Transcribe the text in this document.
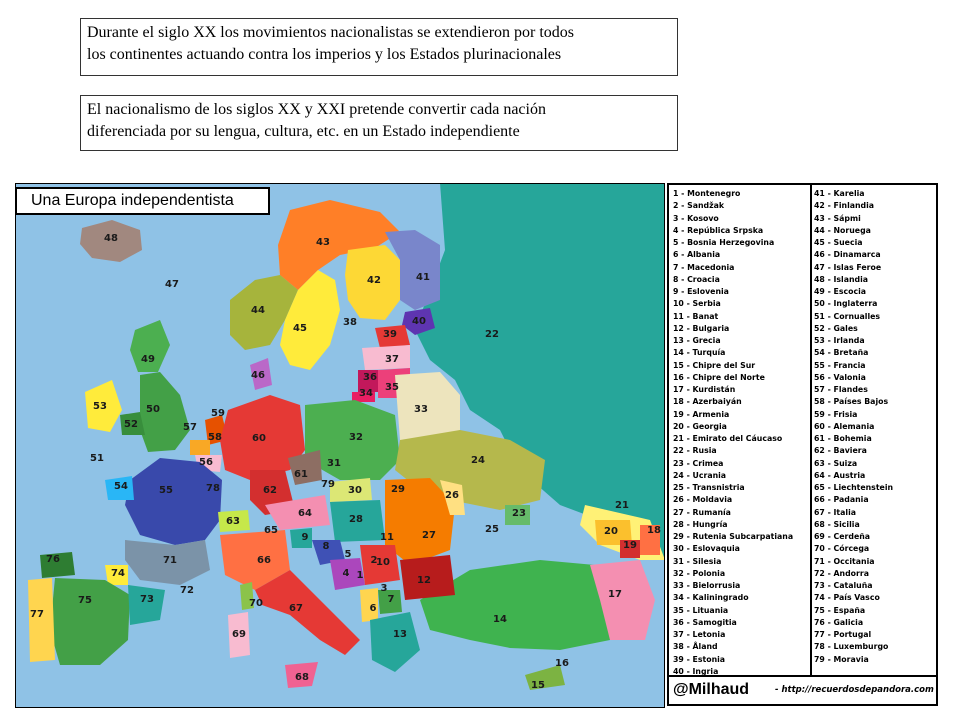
Durante el siglo XX los movimientos nacionalistas se extendieron por todos
los continentes actuando contra los imperios y los Estados plurinacionales
El nacionalismo de los siglos XX y XXI pretende convertir cada nación
diferenciada por su lengua, cultura, etc. en un Estado independiente
1
2
3
4
5
6
7
8
9
10
11
12
13
14
15
16
17
18
19
20
21
22
23
24
25
26
27
28
29
30
31
32
33
34
35
36
37
38
39
40
41
42
43
44
45
46
47
48
49
50
51
52
53
54	55
56
57
58
59
60
61
62
63
64
65
66
67
68
69
70
71
72
73
74
75
76
77
78	79
Una Europa independentista	1 - Montenegro
2 - Sandžak
3 - Kosovo
4 - República Srpska
5 - Bosnia Herzegovina
6 - Albania
7 - Macedonia
8 - Croacia
9 - Eslovenia
10 - Serbia
11 - Banat
12 - Bulgaria
13 - Grecia
14 - Turquía
15 - Chipre del Sur
16 - Chipre del Norte
17 - Kurdistán
18 - Azerbaiyán
19 - Armenia
20 - Georgia
21 - Emirato del Cáucaso
22 - Rusia
23 - Crimea
24 - Ucrania
25 - Transnistria
26 - Moldavia
27 - Rumanía
28 - Hungría
29 - Rutenia Subcarpatiana
30 - Eslovaquia
31 - Silesia
32 - Polonia
33 - Bielorrusia
34 - Kaliningrado
35 - Lituania
36 - Samogitia
37 - Letonia
38 - Åland
39 - Estonia
40 - Ingria
41 - Karelia
42 - Finlandia
43 - Sápmi
44 - Noruega
45 - Suecia
46 - Dinamarca
47 - Islas Feroe
48 - Islandia
49 - Escocia
50 - Inglaterra
51 - Cornualles
52 - Gales
53 - Irlanda
54 - Bretaña
55 - Francia
56 - Valonia
57 - Flandes
58 - Países Bajos
59 - Frisia
60 - Alemania
61 - Bohemia
62 - Baviera
63 - Suiza
64 - Austria
65 - Liechtenstein
66 - Padania
67 - Italia
68 - Sicilia
69 - Cerdeña
70 - Córcega
71 - Occitania
72 - Andorra
73 - Cataluña
74 - País Vasco
75 - España
76 - Galicia
77 - Portugal
78 - Luxemburgo
79 - Moravia
@Milhaud	- http://recuerdosdepandora.com
